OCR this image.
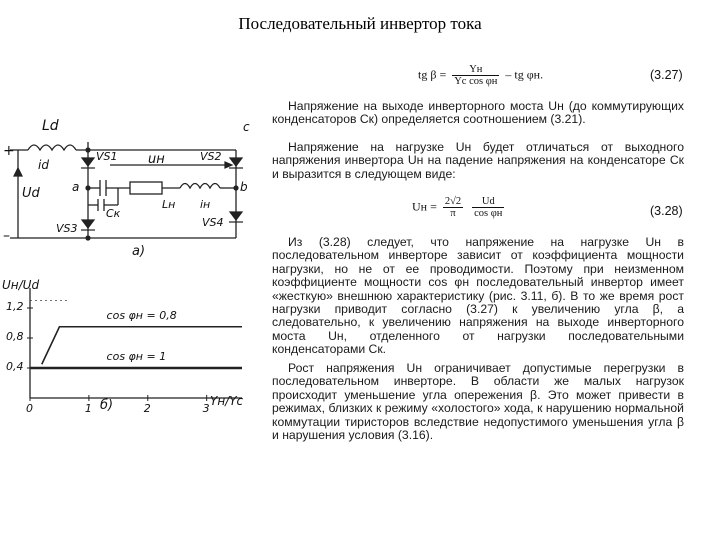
Последовательный инвертор тока
+
–
Ld
id
Ud
VS1	VS2
VS3	VS4
uн
a	b
c
Cк
Lн iн
а)
0,4
0,8
1,2
0	1	2	3
cos φн = 0,8
cos φн = 1
Uн/Ud
Yн/Yс
б)
tg $\beta = \frac{Yн}{\text{Yс cos φн}}$ – tg φн.	(3.27)

Напряжение на выходе инверторного моста Uн (до коммутирующих конденсаторов Cк) определяется соотношением (3.21).

Напряжение на нагрузке Uн будет отличаться от выходного напряжения инвертора Uн на падение напряжения на конденсаторе Cк и выразится в следующем виде:

Uн = $\frac{2√2}{\pi}$
$\frac{Ud}{\text{cos φн}}$	(3.28)

Из (3.28) следует, что напряжение на нагрузке Uн в последовательном инверторе зависит от коэффициента мощности нагрузки, но не от ее проводимости. Поэтому при неизменном коэффициенте мощности cos φн последовательный инвертор имеет «жесткую» внешнюю характеристику (рис. 3.11, б). В то же время рост нагрузки приводит согласно (3.27) к увеличению угла β, а следовательно, к увеличению напряжения на выходе инверторного моста Uн, отделенного от нагрузки последовательными конденсаторами Cк.

Рост напряжения Uн ограничивает допустимые перегрузки в последовательном инверторе. В области же малых нагрузок происходит уменьшение угла опережения β. Это может привести в режимах, близких к режиму «холостого» хода, к нарушению нормальной коммутации тиристоров вследствие недопустимого уменьшения угла β и нарушения условия (3.16).
